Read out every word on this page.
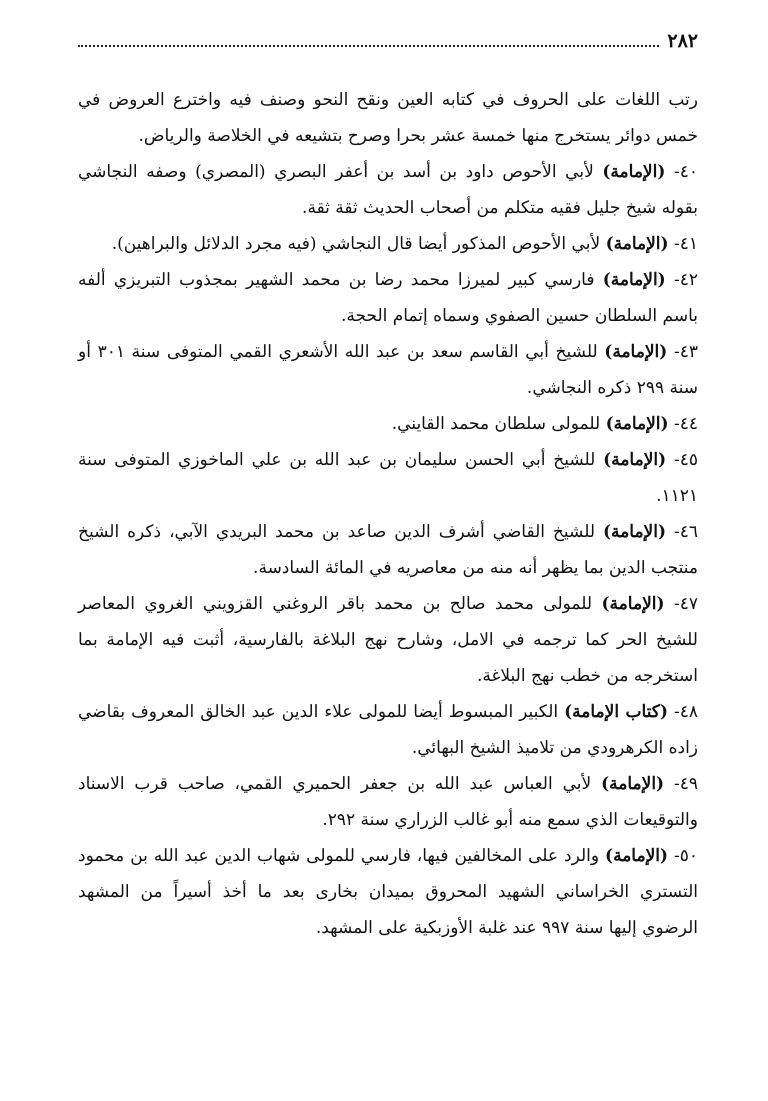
٢٨٢

رتب اللغات على الحروف في كتابه العين ونقح النحو وصنف فيه واخترع العروض في خمس دوائر يستخرج منها خمسة عشر بحرا وصرح بتشيعه في الخلاصة والرياض.

٤٠- (الإمامة) لأبي الأحوص داود بن أسد بن أعفر البصري (المصري) وصفه النجاشي بقوله شيخ جليل فقيه متكلم من أصحاب الحديث ثقة ثقة.

٤١- (الإمامة) لأبي الأحوص المذكور أيضا قال النجاشي (فيه مجرد الدلائل والبراهين).

٤٢- (الإمامة) فارسي كبير لميرزا محمد رضا بن محمد الشهير بمجذوب التبريزي ألفه باسم السلطان حسين الصفوي وسماه إتمام الحجة.

٤٣- (الإمامة) للشيخ أبي القاسم سعد بن عبد الله الأشعري القمي المتوفى سنة ٣٠١ أو سنة ٢٩٩ ذكره النجاشي.

٤٤- (الإمامة) للمولى سلطان محمد القايني.

٤٥- (الإمامة) للشيخ أبي الحسن سليمان بن عبد الله بن علي الماخوزي المتوفى سنة ١١٢١.

٤٦- (الإمامة) للشيخ القاضي أشرف الدين صاعد بن محمد البريدي الآبي، ذكره الشيخ منتجب الدين بما يظهر أنه منه من معاصريه في المائة السادسة.

٤٧- (الإمامة) للمولى محمد صالح بن محمد باقر الروغني القزويني الغروي المعاصر للشيخ الحر كما ترجمه في الامل، وشارح نهج البلاغة بالفارسية، أثبت فيه الإمامة بما استخرجه من خطب نهج البلاغة.

٤٨- (كتاب الإمامة) الكبير المبسوط أيضا للمولى علاء الدين عبد الخالق المعروف بقاضي زاده الكرهرودي من تلاميذ الشيخ البهائي.

٤٩- (الإمامة) لأبي العباس عبد الله بن جعفر الحميري القمي، صاحب قرب الاسناد والتوقيعات الذي سمع منه أبو غالب الزراري سنة ٢٩٢.

٥٠- (الإمامة) والرد على المخالفين فيها، فارسي للمولى شهاب الدين عبد الله بن محمود التستري الخراساني الشهيد المحروق بميدان بخارى بعد ما أخذ أسيراً من المشهد الرضوي إليها سنة ٩٩٧ عند غلبة الأوزبكية على المشهد.
